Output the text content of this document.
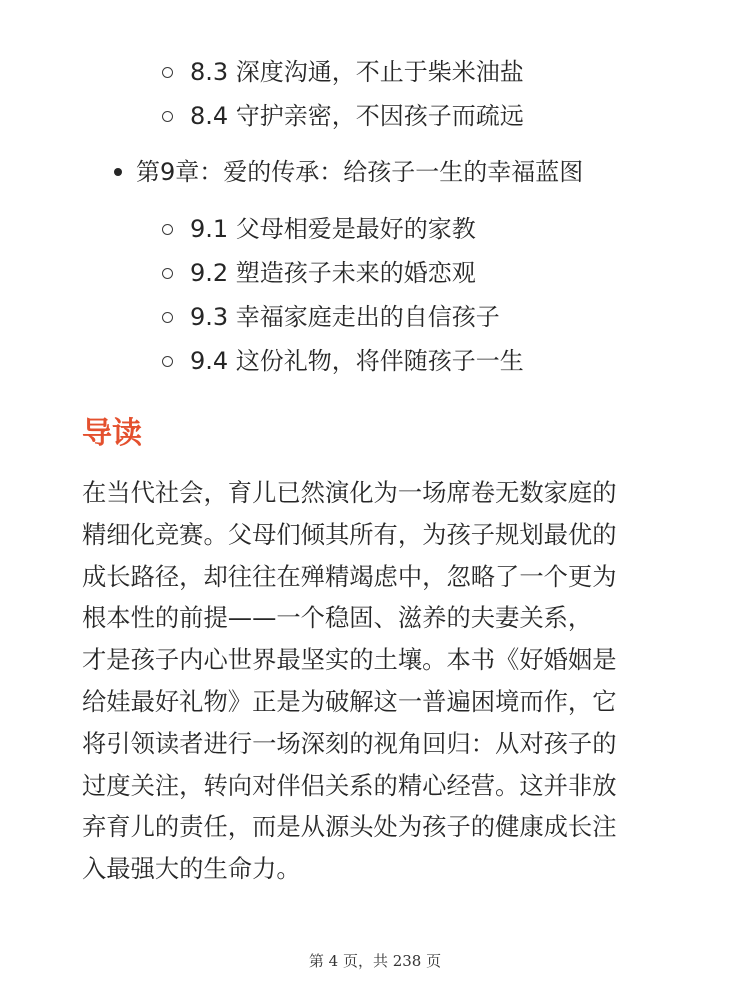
8.3 深度沟通，不止于柴米油盐
8.4 守护亲密，不因孩子而疏远
第9章：爱的传承：给孩子一生的幸福蓝图
9.1 父母相爱是最好的家教
9.2 塑造孩子未来的婚恋观
9.3 幸福家庭走出的自信孩子
9.4 这份礼物，将伴随孩子一生
导读
在当代社会，育儿已然演化为一场席卷无数家庭的
精细化竞赛。父母们倾其所有，为孩子规划最优的
成长路径，却往往在殚精竭虑中，忽略了一个更为
根本性的前提——一个稳固、滋养的夫妻关系，
才是孩子内心世界最坚实的土壤。本书《好婚姻是
给娃最好礼物》正是为破解这一普遍困境而作，它
将引领读者进行一场深刻的视角回归：从对孩子的
过度关注，转向对伴侣关系的精心经营。这并非放
弃育儿的责任，而是从源头处为孩子的健康成长注
入最强大的生命力。
第 4 页，共 238 页
